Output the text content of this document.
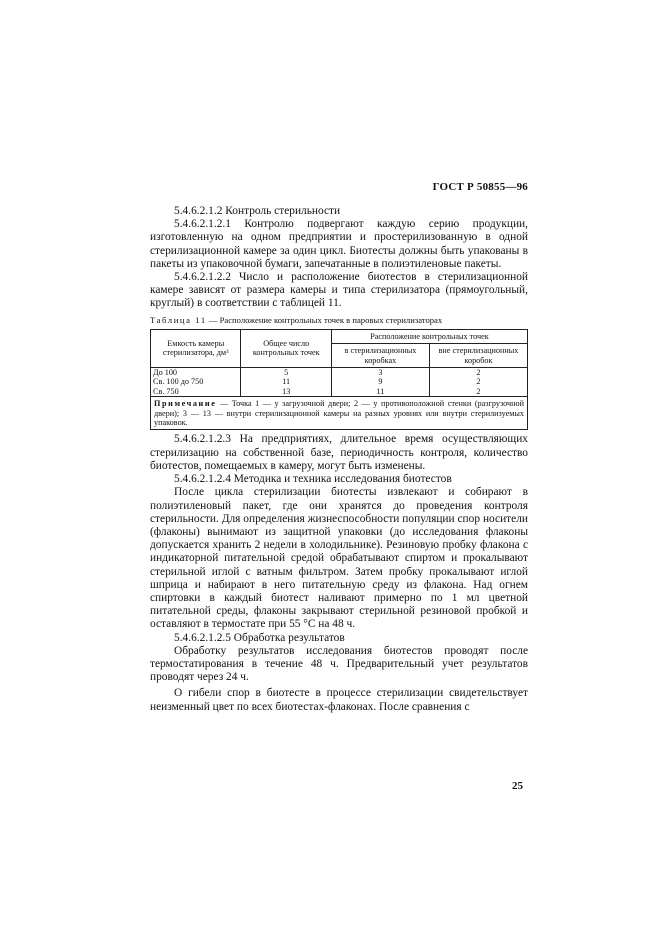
ГОСТ Р 50855—96

5.4.6.2.1.2 Контроль стерильности

5.4.6.2.1.2.1 Контролю подвергают каждую серию продукции, изготовленную на одном предприятии и простерилизованную в одной стерилизационной камере за один цикл. Биотесты должны быть упакованы в пакеты из упаковочной бумаги, запечатанные в полиэтиленовые пакеты.

5.4.6.2.1.2.2 Число и расположение биотестов в стерилизационной камере зависят от размера камеры и типа стерилизатора (прямоугольный, круглый) в соответствии с таблицей 11.

Таблица 11 — Расположение контрольных точек в паровых стерилизаторах
Емкость камеры стерилизатора, дм³	Общее число контрольных точек	Расположение контрольных точек	
		в стерилизационных коробках	вне стерилизационных коробок
До 100	5	3	2
Св. 100 до 750	11	9	2
Св. 750	13	11	2
Примечание — Точка 1 — у загрузочной двери; 2 — у противоположной стенки (разгрузочной двери); 3 — 13 — внутри стерилизационной камеры на разных уровнях или внутри стерилизуемых упаковок.			

5.4.6.2.1.2.3 На предприятиях, длительное время осуществляющих стерилизацию на собственной базе, периодичность контроля, количество биотестов, помещаемых в камеру, могут быть изменены.

5.4.6.2.1.2.4 Методика и техника исследования биотестов

После цикла стерилизации биотесты извлекают и собирают в полиэтиленовый пакет, где они хранятся до проведения контроля стерильности. Для определения жизнеспособности популяции спор носители (флаконы) вынимают из защитной упаковки (до исследования флаконы допускается хранить 2 недели в холодильнике). Резиновую пробку флакона с индикаторной питательной средой обрабатывают спиртом и прокалывают стерильной иглой с ватным фильтром. Затем пробку прокалывают иглой шприца и набирают в него питательную среду из флакона. Над огнем спиртовки в каждый биотест наливают примерно по 1 мл цветной питательной среды, флаконы закрывают стерильной резиновой пробкой и оставляют в термостате при 55 °С на 48 ч.

5.4.6.2.1.2.5 Обработка результатов

Обработку результатов исследования биотестов проводят после термостатирования в течение 48 ч. Предварительный учет результатов проводят через 24 ч.

О гибели спор в биотесте в процессе стерилизации свидетельствует неизменный цвет по всех биотестах-флаконах. После сравнения с

25
